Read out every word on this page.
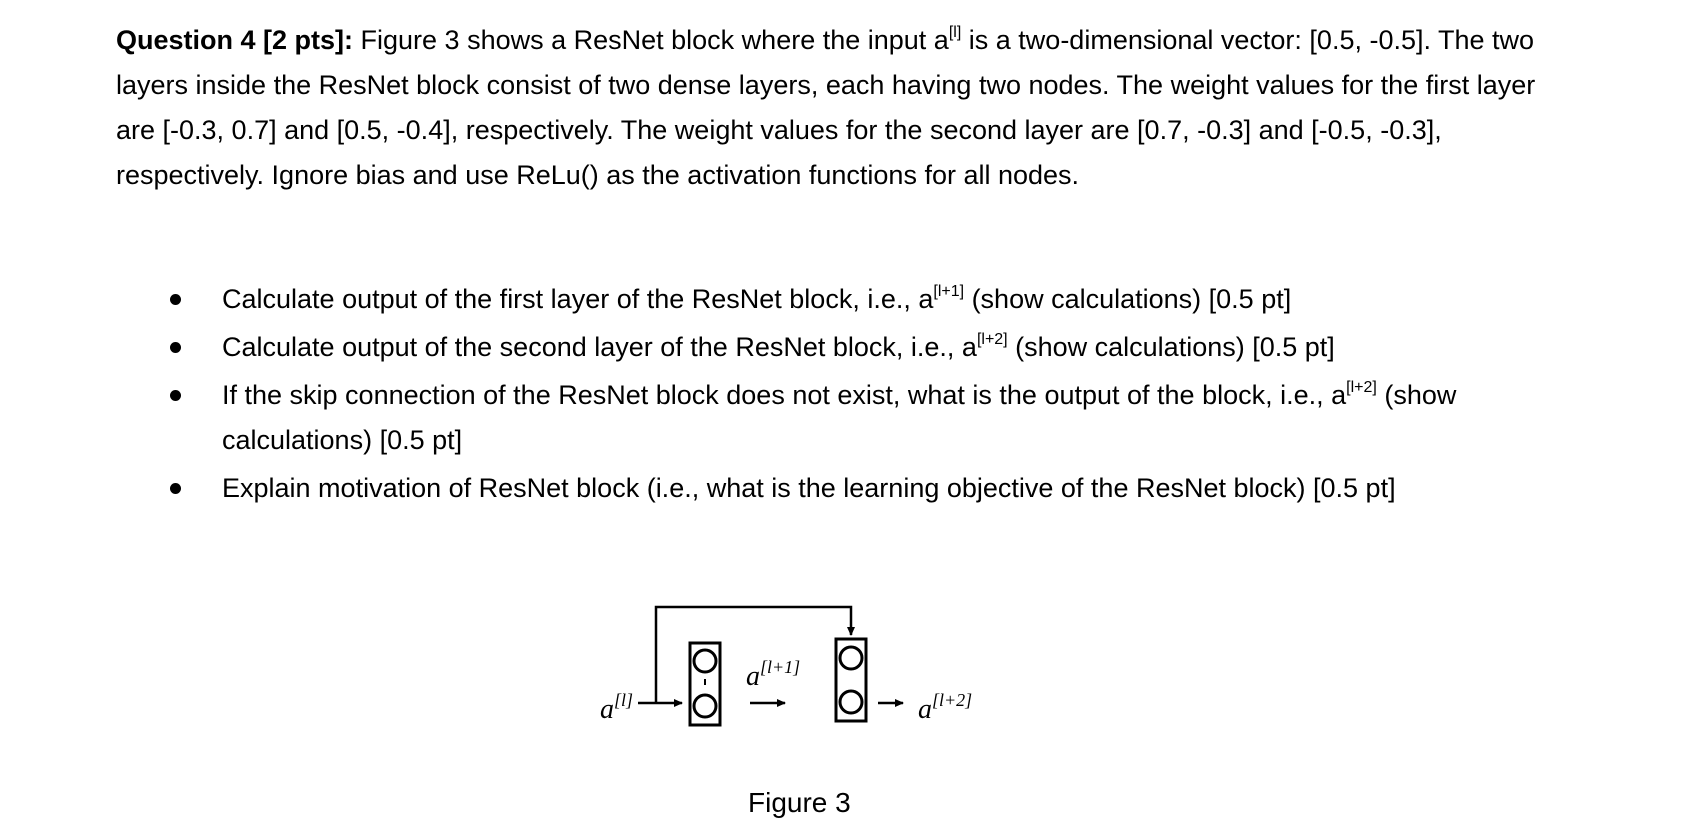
Question 4 [2 pts]: Figure 3 shows a ResNet block where the input a[l] is a two-dimensional vector: [0.5, -0.5]. The two layers inside the ResNet block consist of two dense layers, each having two nodes. The weight values for the first layer are [-0.3, 0.7] and [0.5, -0.4], respectively. The weight values for the second layer are [0.7, -0.3] and [-0.5, -0.3], respectively. Ignore bias and use ReLu() as the activation functions for all nodes.
Calculate output of the first layer of the ResNet block, i.e., a[l+1] (show calculations) [0.5 pt]
Calculate output of the second layer of the ResNet block, i.e., a[l+2] (show calculations) [0.5 pt]
If the skip connection of the ResNet block does not exist, what is the output of the block, i.e., a[l+2] (show calculations) [0.5 pt]
Explain motivation of ResNet block (i.e., what is the learning objective of the ResNet block) [0.5 pt]
a[l]
a[l+1]
a[l+2]
Figure 3
